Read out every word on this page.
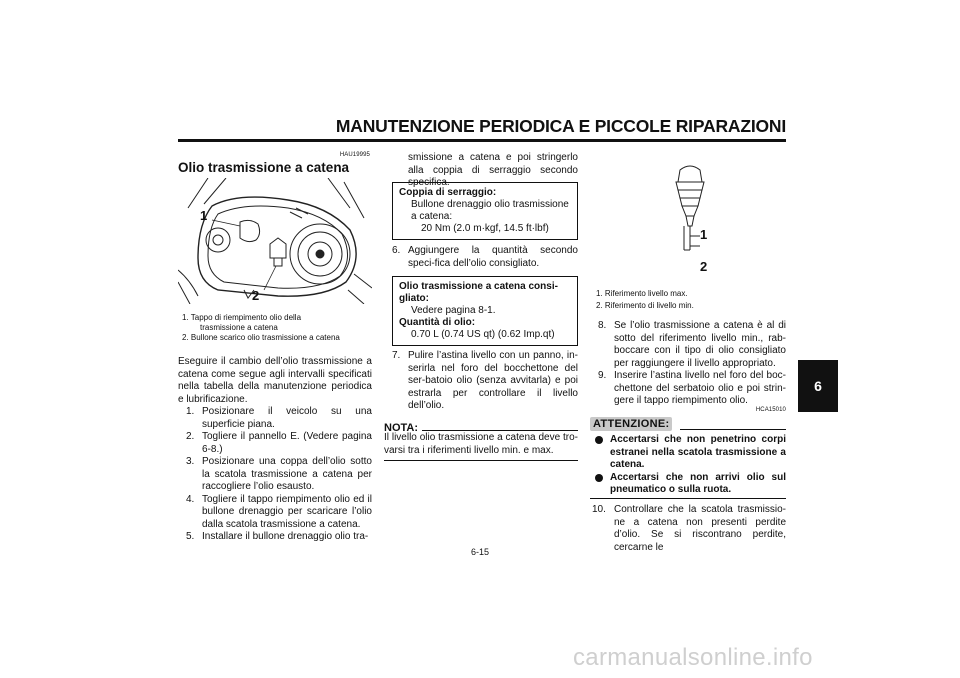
MANUTENZIONE PERIODICA E PICCOLE RIPARAZIONI
6
HAU19995
Olio trasmissione a catena
1
2
1. Tappo di riempimento olio della
trasmissione a catena
2. Bullone scarico olio trasmissione a catena
Eseguire il cambio dell’olio trassmissione a catena come segue agli intervalli specificati nella tabella della manutenzione periodica e lubrificazione.
1. Posizionare il veicolo su una superficie piana.
2. Togliere il pannello E. (Vedere pagina 6-8.)
3. Posizionare una coppa dell’olio sotto la scatola trasmissione a catena per raccogliere l’olio esausto.
4. Togliere il tappo riempimento olio ed il bullone drenaggio per scaricare l’olio dalla scatola trasmissione a catena.
5. Installare il bullone drenaggio olio tra-
smissione a catena e poi stringerlo alla coppia di serraggio secondo specifica.
Coppia di serraggio:
Bullone drenaggio olio trasmissione
a catena:
20 Nm (2.0 m·kgf, 14.5 ft·lbf)
6. Aggiungere la quantità secondo speci-fica dell’olio consigliato.
Olio trasmissione a catena consi-
gliato:
Vedere pagina 8-1.
Quantità di olio:
0.70 L (0.74 US qt) (0.62 Imp.qt)
7. Pulire l’astina livello con un panno, in-serirla nel foro del bocchettone del ser-batoio olio (senza avvitarla) e poi estrarla per controllare il livello dell’olio.
NOTA:
Il livello olio trasmissione a catena deve tro-varsi tra i riferimenti livello min. e max.
1
2
1. Riferimento livello max.
2. Riferimento di livello min.
8. Se l’olio trasmissione a catena è al di sotto del riferimento livello min., rab-boccare con il tipo di olio consigliato per raggiungere il livello appropriato.
9. Inserire l’astina livello nel foro del boc-chettone del serbatoio olio e poi strin-gere il tappo riempimento olio.
HCA15010
ATTENZIONE:
Accertarsi che non penetrino corpi estranei nella scatola trasmissione a catena.
Accertarsi che non arrivi olio sul pneumatico o sulla ruota.
10. Controllare che la scatola trasmissio-ne a catena non presenti perdite d’olio. Se si riscontrano perdite, cercarne le
6-15
carmanualsonline.info
